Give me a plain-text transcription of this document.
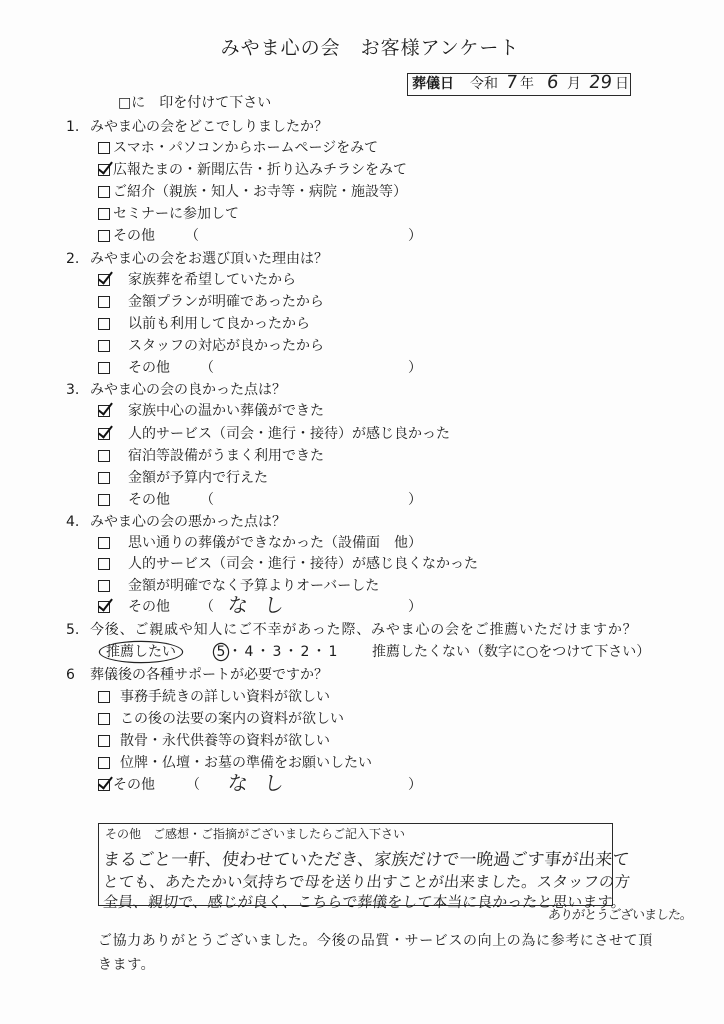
みやま心の会　お客様アンケート
葬儀日 令和 7 年 6 月 29 日
□に　印を付けて下さい
1. みやま心の会をどこでしりましたか？
スマホ・パソコンからホームページをみて
広報たまの・新聞広告・折り込みチラシをみて
ご紹介（親族・知人・お寺等・病院・施設等）
セミナーに参加して
その他 （	）
2. みやま心の会をお選び頂いた理由は？
家族葬を希望していたから
金額プランが明確であったから
以前も利用して良かったから
スタッフの対応が良かったから
その他 （	）
3. みやま心の会の良かった点は？
家族中心の温かい葬儀ができた
人的サービス（司会・進行・接待）が感じ良かった
宿泊等設備がうまく利用できた
金額が予算内で行えた
その他 （	）
4. みやま心の会の悪かった点は？
思い通りの葬儀ができなかった（設備面　他）
人的サービス（司会・進行・接待）が感じ良くなかった
金額が明確でなく予算よりオーバーした
その他 （ なし	）
5. 今後、ご親戚や知人にご不幸があった際、みやま心の会をご推薦いただけますか？
推薦したい	5 ・ 4 ・ 3 ・ 2 ・ 1 推薦したくない（数字に○をつけて下さい）
6 葬儀後の各種サポートが必要ですか？
事務手続きの詳しい資料が欲しい
この後の法要の案内の資料が欲しい
散骨・永代供養等の資料が欲しい
位牌・仏壇・お墓の準備をお願いしたい
その他 （ なし	）
その他　ご感想・ご指摘がございましたらご記入下さい
まるごと一軒、使わせていただき、家族だけで一晩過ごす事が出来て
とても、あたたかい気持ちで母を送り出すことが出来ました。スタッフの方
全員、親切で、感じが良く、こちらで葬儀をして本当に良かったと思います。
ありがとうございました。
ご協力ありがとうございました。今後の品質・サービスの向上の為に参考にさせて頂
きます。
